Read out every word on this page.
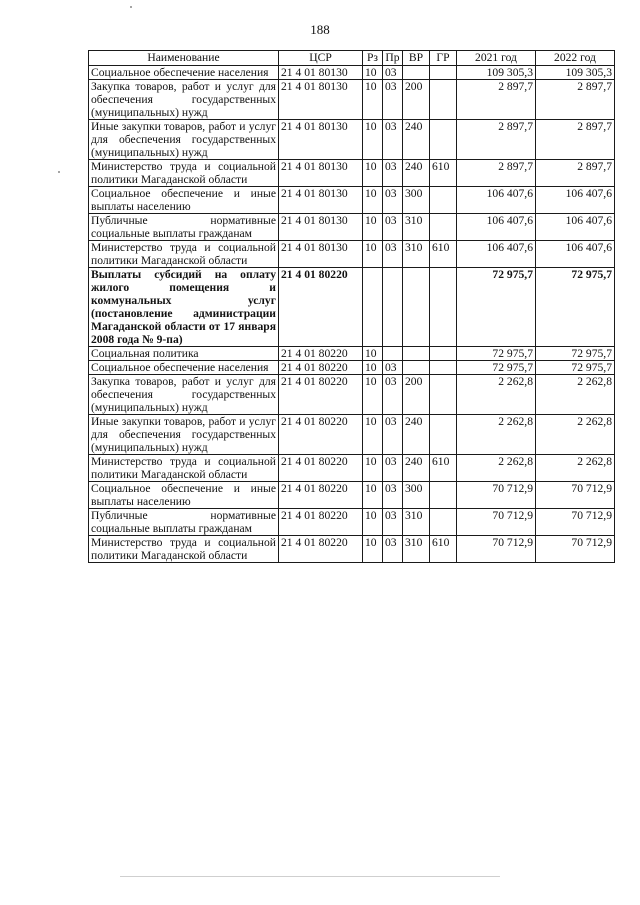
188
Наименование	ЦСР	Рз	Пр	ВР	ГР	2021 год	2022 год
Социальное обеспечение населения	21 4 01 80130	10	03			109 305,3	109 305,3
Закупка товаров, работ и услуг для обеспечения государственных (муниципальных) нужд	21 4 01 80130	10	03	200		2 897,7	2 897,7
Иные закупки товаров, работ и услуг для обеспечения государственных (муниципальных) нужд	21 4 01 80130	10	03	240		2 897,7	2 897,7
Министерство труда и социальной политики Магаданской области	21 4 01 80130	10	03	240	610	2 897,7	2 897,7
Социальное обеспечение и иные выплаты населению	21 4 01 80130	10	03	300		106 407,6	106 407,6
Публичные нормативные социальные выплаты гражданам	21 4 01 80130	10	03	310		106 407,6	106 407,6
Министерство труда и социальной политики Магаданской области	21 4 01 80130	10	03	310	610	106 407,6	106 407,6
Выплаты субсидий на оплату жилого помещения и коммунальных услуг (постановление администрации Магаданской области от 17 января 2008 года № 9-па)	21 4 01 80220					72 975,7	72 975,7
Социальная политика	21 4 01 80220	10				72 975,7	72 975,7
Социальное обеспечение населения	21 4 01 80220	10	03			72 975,7	72 975,7
Закупка товаров, работ и услуг для обеспечения государственных (муниципальных) нужд	21 4 01 80220	10	03	200		2 262,8	2 262,8
Иные закупки товаров, работ и услуг для обеспечения государственных (муниципальных) нужд	21 4 01 80220	10	03	240		2 262,8	2 262,8
Министерство труда и социальной политики Магаданской области	21 4 01 80220	10	03	240	610	2 262,8	2 262,8
Социальное обеспечение и иные выплаты населению	21 4 01 80220	10	03	300		70 712,9	70 712,9
Публичные нормативные социальные выплаты гражданам	21 4 01 80220	10	03	310		70 712,9	70 712,9
Министерство труда и социальной политики Магаданской области	21 4 01 80220	10	03	310	610	70 712,9	70 712,9
